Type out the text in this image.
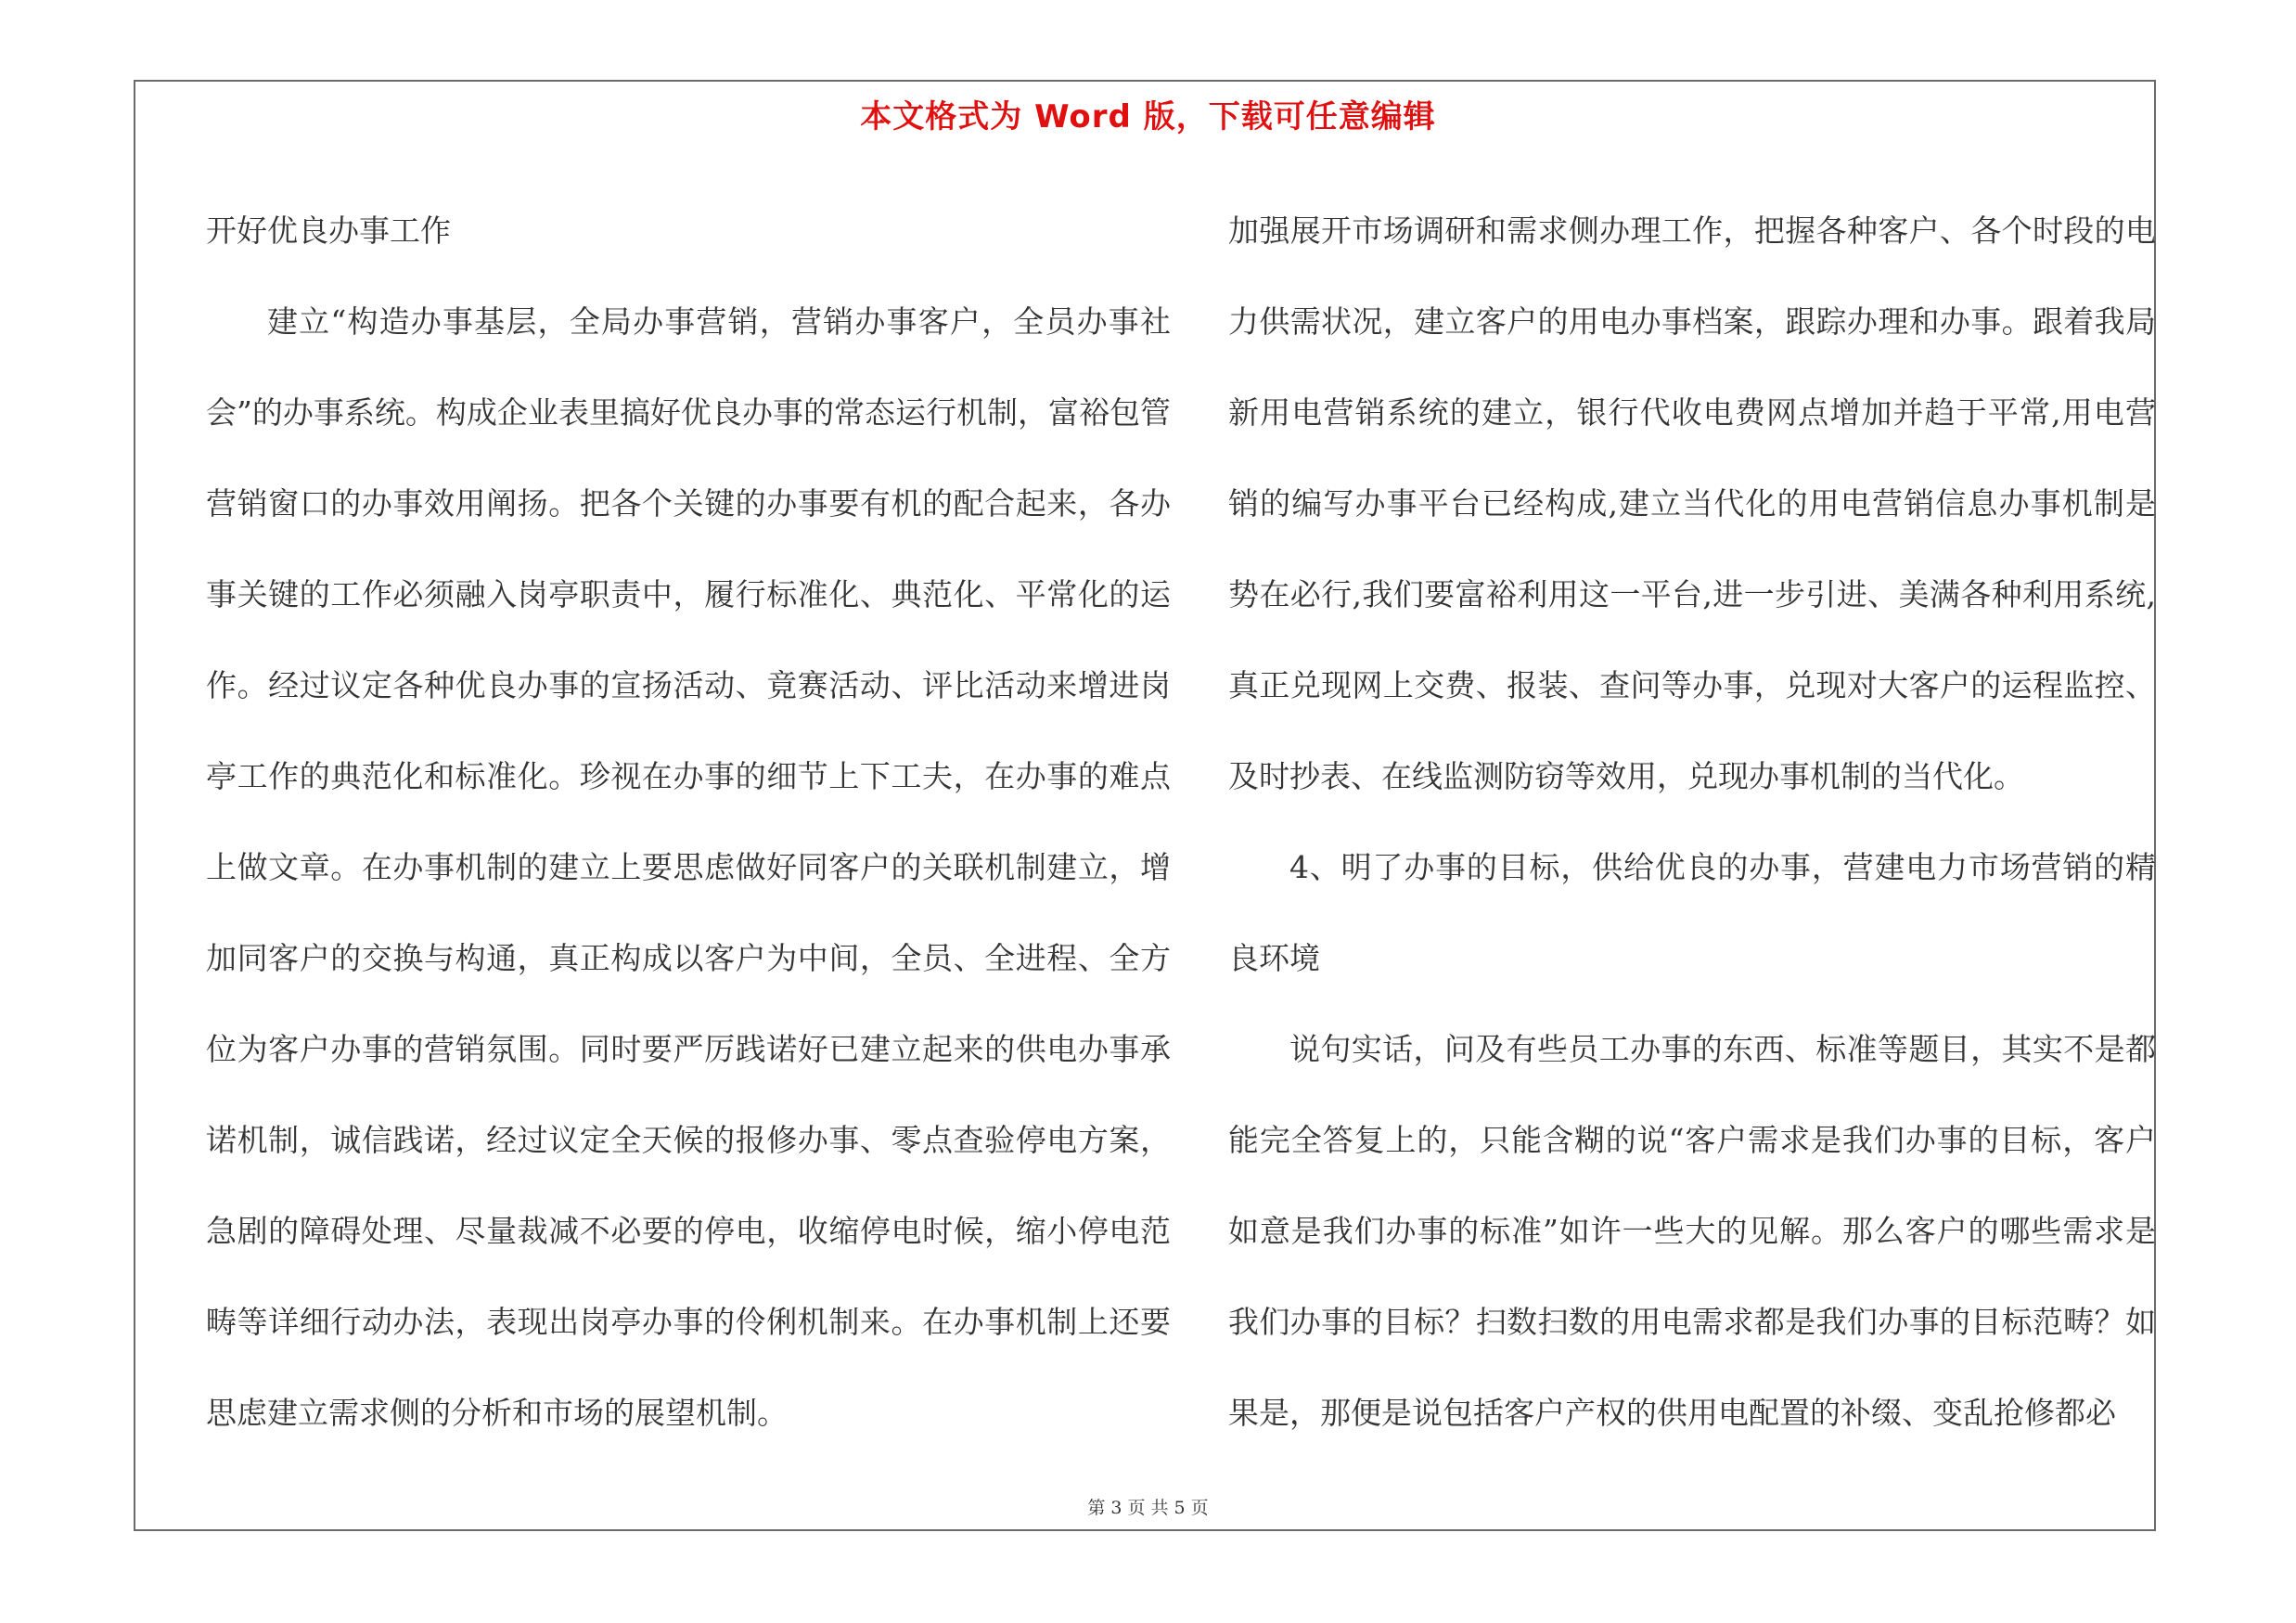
本文格式为 Word 版，下载可任意编辑

开好优良办事工作

建立“构造办事基层，全局办事营销，营销办事客户，全员办事社会”的办事系统。构成企业表里搞好优良办事的常态运行机制，富裕包管营销窗口的办事效用阐扬。把各个关键的办事要有机的配合起来，各办事关键的工作必须融入岗亭职责中，履行标准化、典范化、平常化的运作。经过议定各种优良办事的宣扬活动、竟赛活动、评比活动来增进岗亭工作的典范化和标准化。珍视在办事的细节上下工夫，在办事的难点上做文章。在办事机制的建立上要思虑做好同客户的关联机制建立，增加同客户的交换与构通，真正构成以客户为中间，全员、全进程、全方位为客户办事的营销氛围。同时要严厉践诺好已建立起来的供电办事承诺机制，诚信践诺，经过议定全天候的报修办事、零点查验停电方案，急剧的障碍处理、尽量裁减不必要的停电，收缩停电时候，缩小停电范畴等详细行动办法，表现出岗亭办事的伶俐机制来。在办事机制上还要思虑建立需求侧的分析和市场的展望机制。

加强展开市场调研和需求侧办理工作，把握各种客户、各个时段的电力供需状况，建立客户的用电办事档案，跟踪办理和办事。跟着我局新用电营销系统的建立，银行代收电费网点增加并趋于平常,用电营销的编写办事平台已经构成,建立当代化的用电营销信息办事机制是势在必行,我们要富裕利用这一平台,进一步引进、美满各种利用系统,真正兑现网上交费、报装、查问等办事，兑现对大客户的运程监控、及时抄表、在线监测防窃等效用，兑现办事机制的当代化。

4、明了办事的目标，供给优良的办事，营建电力市场营销的精良环境

说句实话，问及有些员工办事的东西、标准等题目，其实不是都能完全答复上的，只能含糊的说“客户需求是我们办事的目标，客户如意是我们办事的标准”如许一些大的见解。那么客户的哪些需求是我们办事的目标？扫数扫数的用电需求都是我们办事的目标范畴？如果是，那便是说包括客户产权的供用电配置的补缀、变乱抢修都必

第 3 页 共 5 页
